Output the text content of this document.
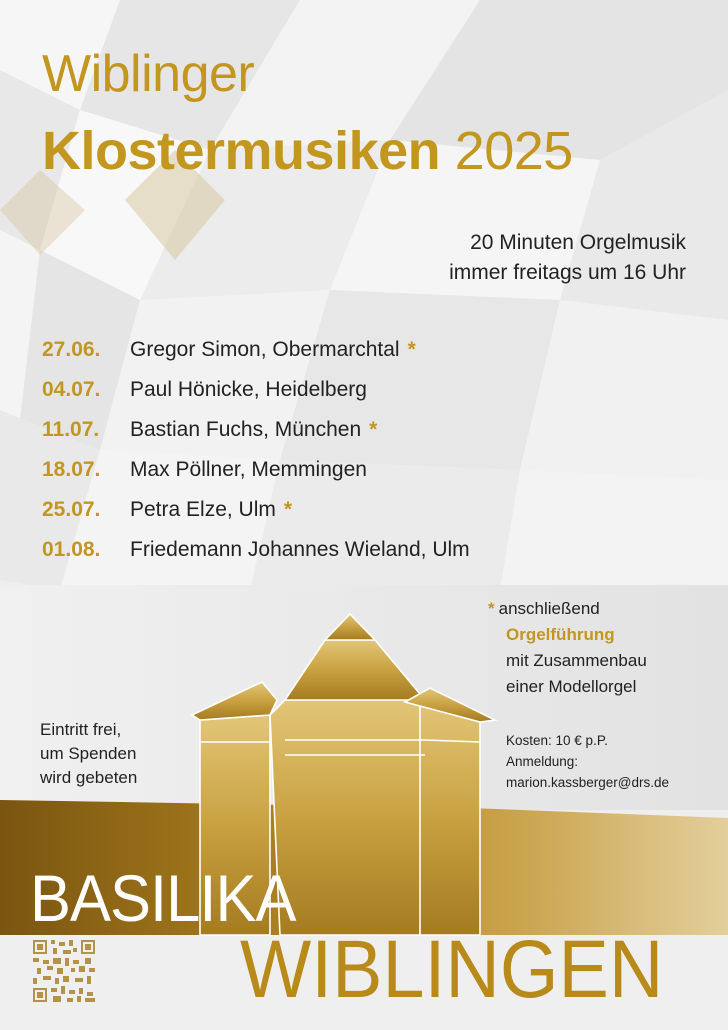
Wiblinger
Klostermusiken 2025
20 Minuten Orgelmusik
immer freitags um 16 Uhr
27.06.	Gregor Simon, Obermarchtal *
04.07.	Paul Hönicke, Heidelberg
11.07.	Bastian Fuchs, München *
18.07.	Max Pöllner, Memmingen
25.07.	Petra Elze, Ulm *
01.08.	Friedemann Johannes Wieland, Ulm
* anschließend
Orgelführung
mit Zusammenbau
einer Modellorgel
Kosten: 10 € p.P.
Anmeldung:
marion.kassberger@drs.de
Eintritt frei,
um Spenden
wird gebeten
BASILIKA
WIBLINGEN
